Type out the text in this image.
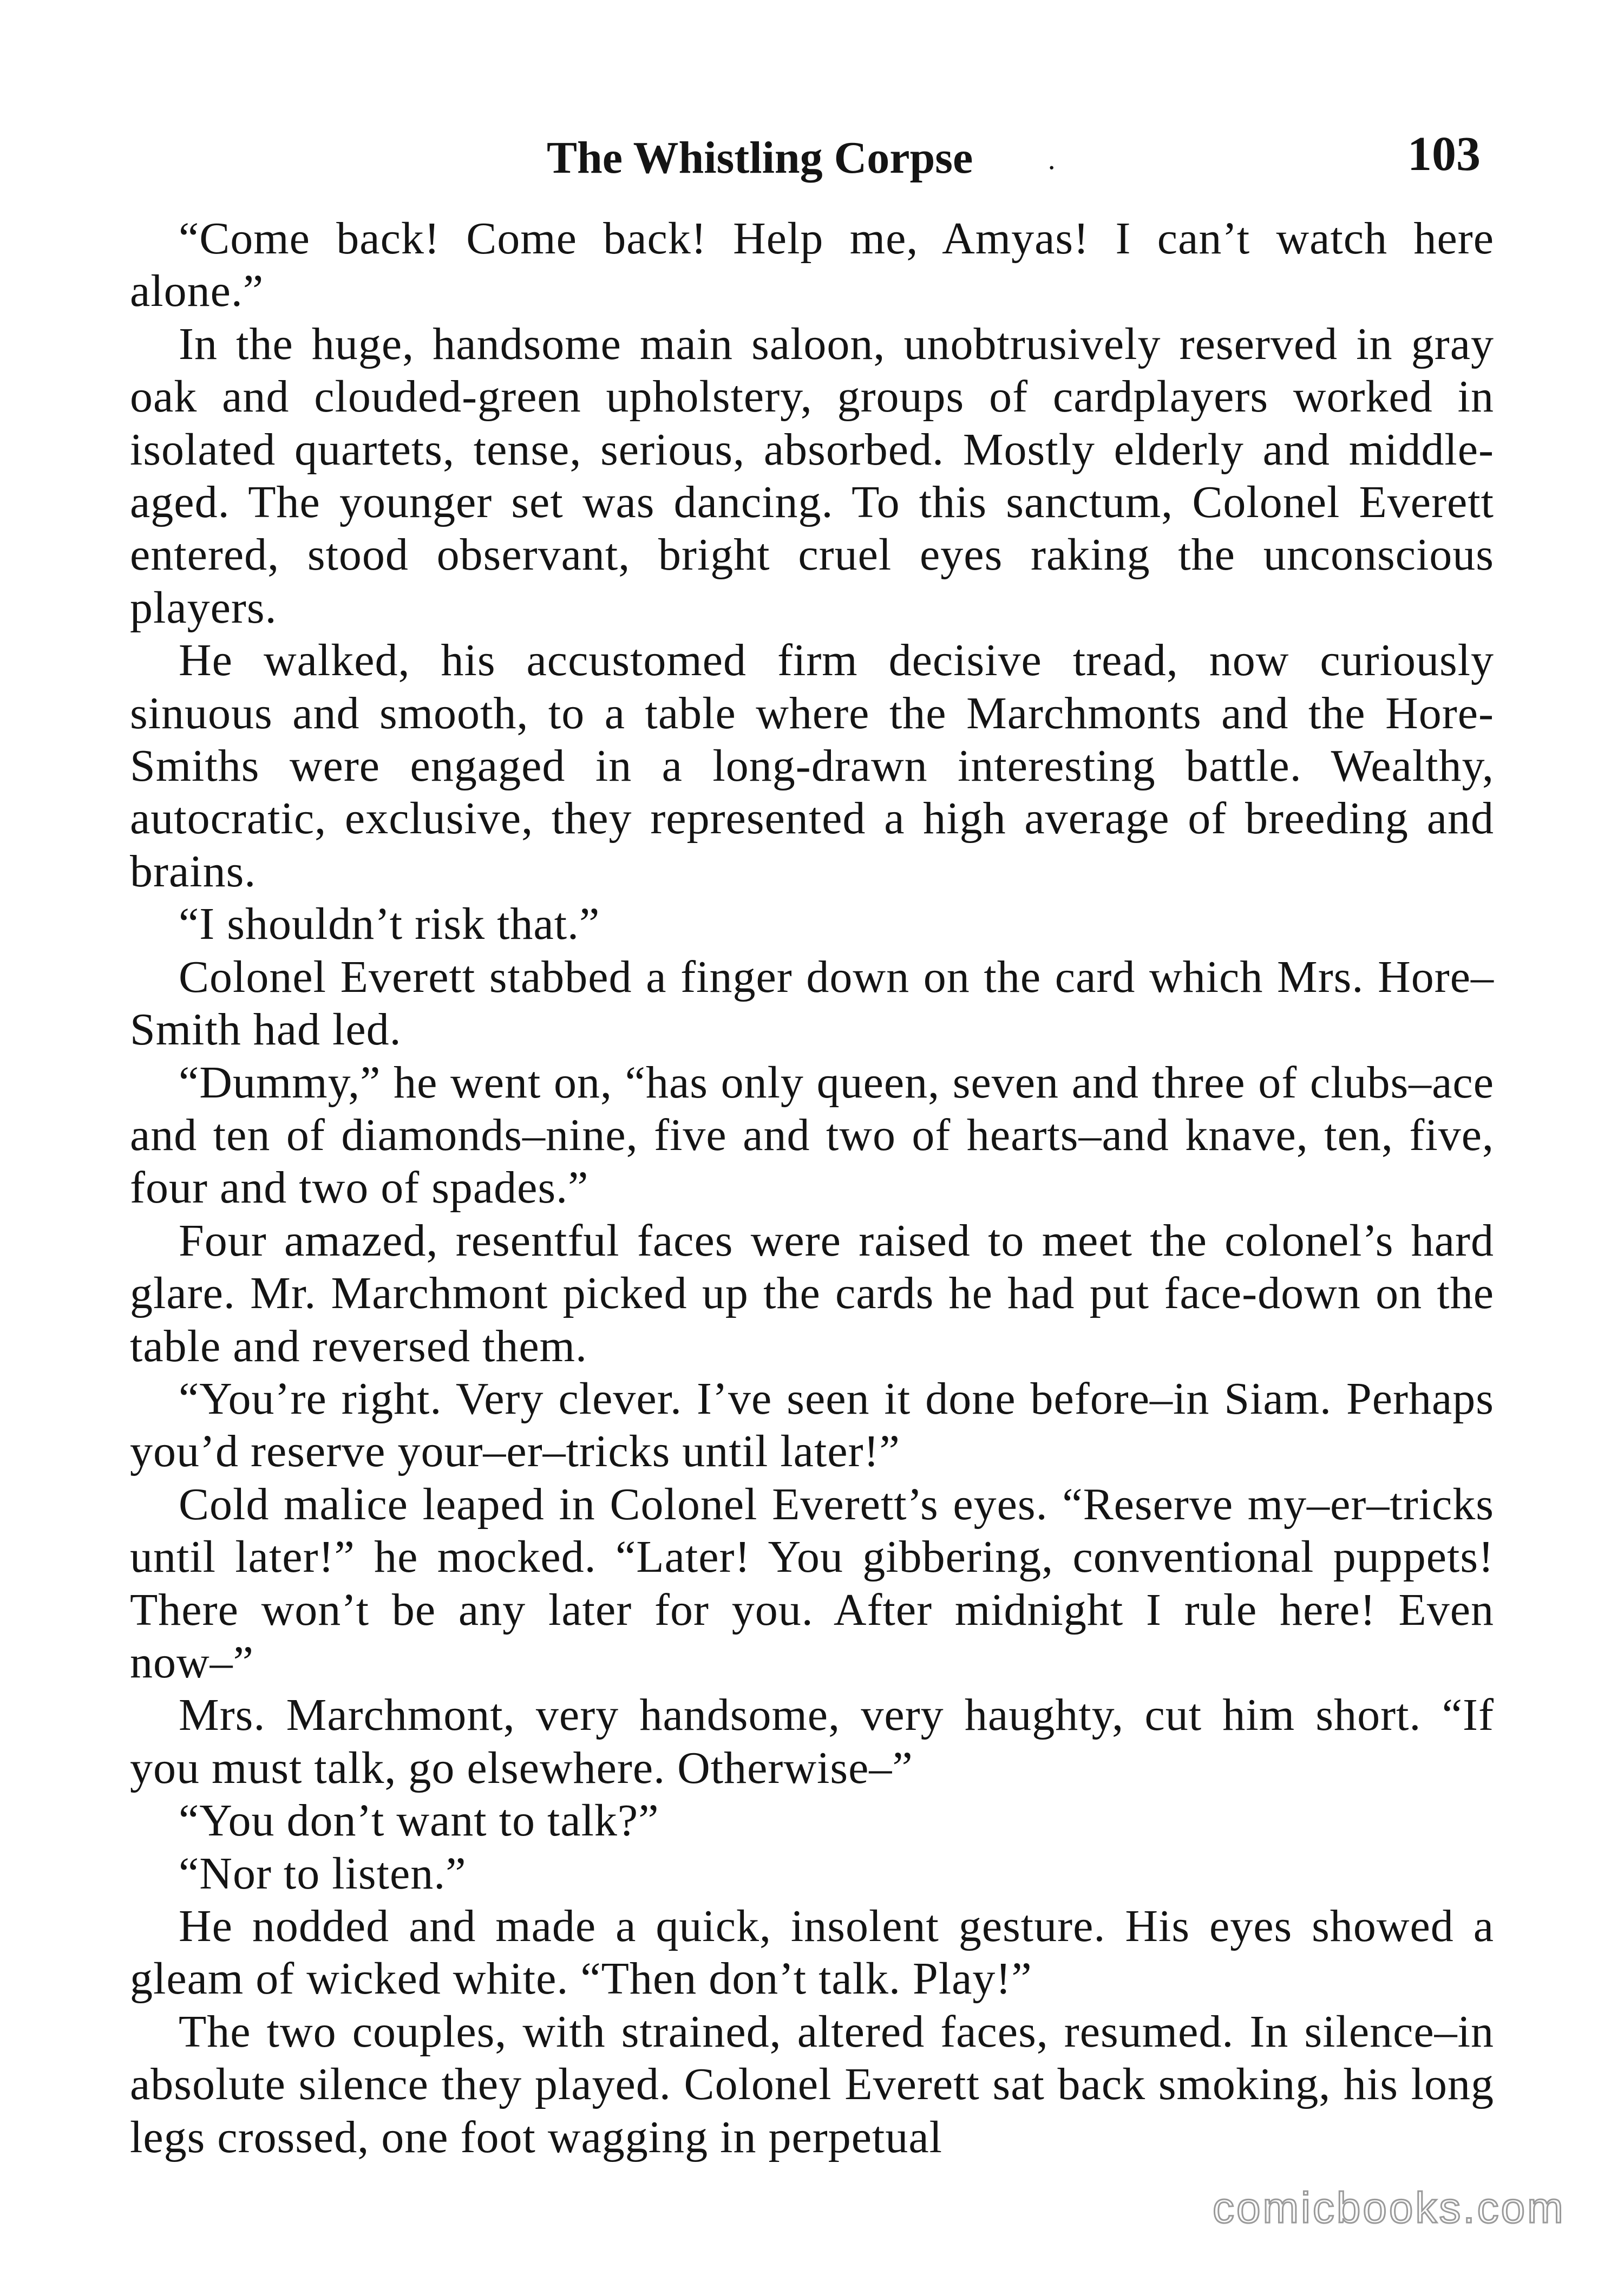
The Whistling Corpse	·	103

“Come back! Come back! Help me, Amyas! I can’t watch here alone.”

In the huge, handsome main saloon, unobtrusively reserved in gray oak and clouded-green upholstery, groups of cardplayers worked in isolated quartets, tense, serious, absorbed. Mostly elderly and middle-aged. The younger set was dancing. To this sanctum, Colonel Everett entered, stood observant, bright cruel eyes raking the unconscious players.

He walked, his accustomed firm decisive tread, now curiously sinuous and smooth, to a table where the Marchmonts and the Hore-Smiths were engaged in a long-drawn interesting battle. Wealthy, autocratic, exclusive, they represented a high average of breeding and brains.

“I shouldn’t risk that.”

Colonel Everett stabbed a finger down on the card which Mrs. Hore–Smith had led.

“Dummy,” he went on, “has only queen, seven and three of clubs–ace and ten of diamonds–nine, five and two of hearts–and knave, ten, five, four and two of spades.”

Four amazed, resentful faces were raised to meet the colonel’s hard glare. Mr. Marchmont picked up the cards he had put face-down on the table and reversed them.

“You’re right. Very clever. I’ve seen it done before–in Siam. Perhaps you’d reserve your–er–tricks until later!”

Cold malice leaped in Colonel Everett’s eyes. “Reserve my–er–tricks until later!” he mocked. “Later! You gibbering, conventional puppets! There won’t be any later for you. After midnight I rule here! Even now–”

Mrs. Marchmont, very handsome, very haughty, cut him short. “If you must talk, go elsewhere. Otherwise–”

“You don’t want to talk?”

“Nor to listen.”

He nodded and made a quick, insolent gesture. His eyes showed a gleam of wicked white. “Then don’t talk. Play!”

The two couples, with strained, altered faces, resumed. In silence–in absolute silence they played. Colonel Everett sat back smoking, his long legs crossed, one foot wagging in perpetual

comicbooks.com
